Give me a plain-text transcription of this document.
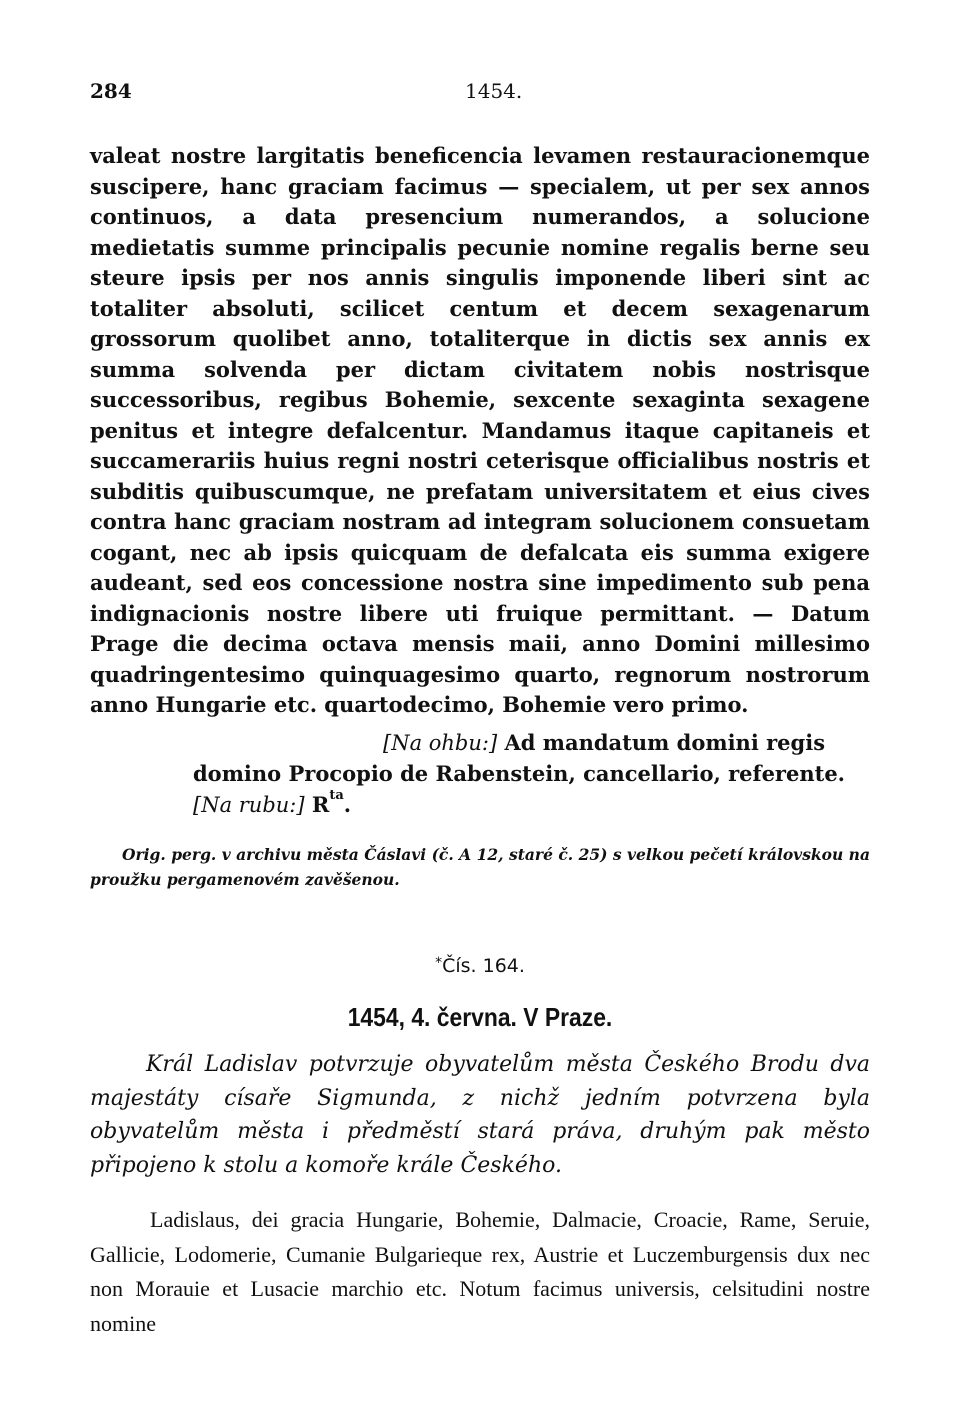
284	1454.

valeat nostre largitatis beneficencia levamen restauracionemque suscipere, hanc graciam facimus — specialem, ut per sex annos continuos, a data presencium numerandos, a solucione medietatis summe principalis pecunie nomine regalis berne seu steure ipsis per nos annis singulis imponende liberi sint ac totaliter absoluti, scilicet centum et decem sexagenarum grossorum quolibet anno, totaliterque in dictis sex annis ex summa solvenda per dictam civitatem nobis nostrisque successoribus, regibus Bohemie, sexcente sexaginta sexagene penitus et integre defalcentur. Mandamus itaque capitaneis et succamerariis huius regni nostri ceterisque officialibus nostris et subditis quibuscumque, ne prefatam universitatem et eius cives contra hanc graciam nostram ad integram solucionem consuetam cogant, nec ab ipsis quicquam de defalcata eis summa exigere audeant, sed eos concessione nostra sine impedimento sub pena indignacionis nostre libere uti fruique permittant. — Datum Prage die decima octava mensis maii, anno Domini millesimo quadringentesimo quinquagesimo quarto, regnorum nostrorum anno Hungarie etc. quartodecimo, Bohemie vero primo.

[Na ohbu:] Ad mandatum domini regis
domino Procopio de Rabenstein, cancellario, referente.
[Na rubu:] $R^{ta}$.
Orig. perg. v archivu města Čáslavi (č. A 12, staré č. 25) s velkou pečetí královskou na proužku pergamenovém zavěšenou.
*Čís. 164.
1454, 4. června. V Praze.
Král Ladislav potvrzuje obyvatelům města Českého Brodu dva majestáty císaře Sigmunda, z nichž jedním potvrzena byla obyvatelům města i předměstí stará práva, druhým pak město připojeno k stolu a komoře krále Českého.
Ladislaus, dei gracia Hungarie, Bohemie, Dalmacie, Croacie, Rame, Seruie, Gallicie, Lodomerie, Cumanie Bulgarieque rex, Austrie et Luczemburgensis dux nec non Morauie et Lusacie marchio etc. Notum facimus universis, celsitudini nostre nomine
